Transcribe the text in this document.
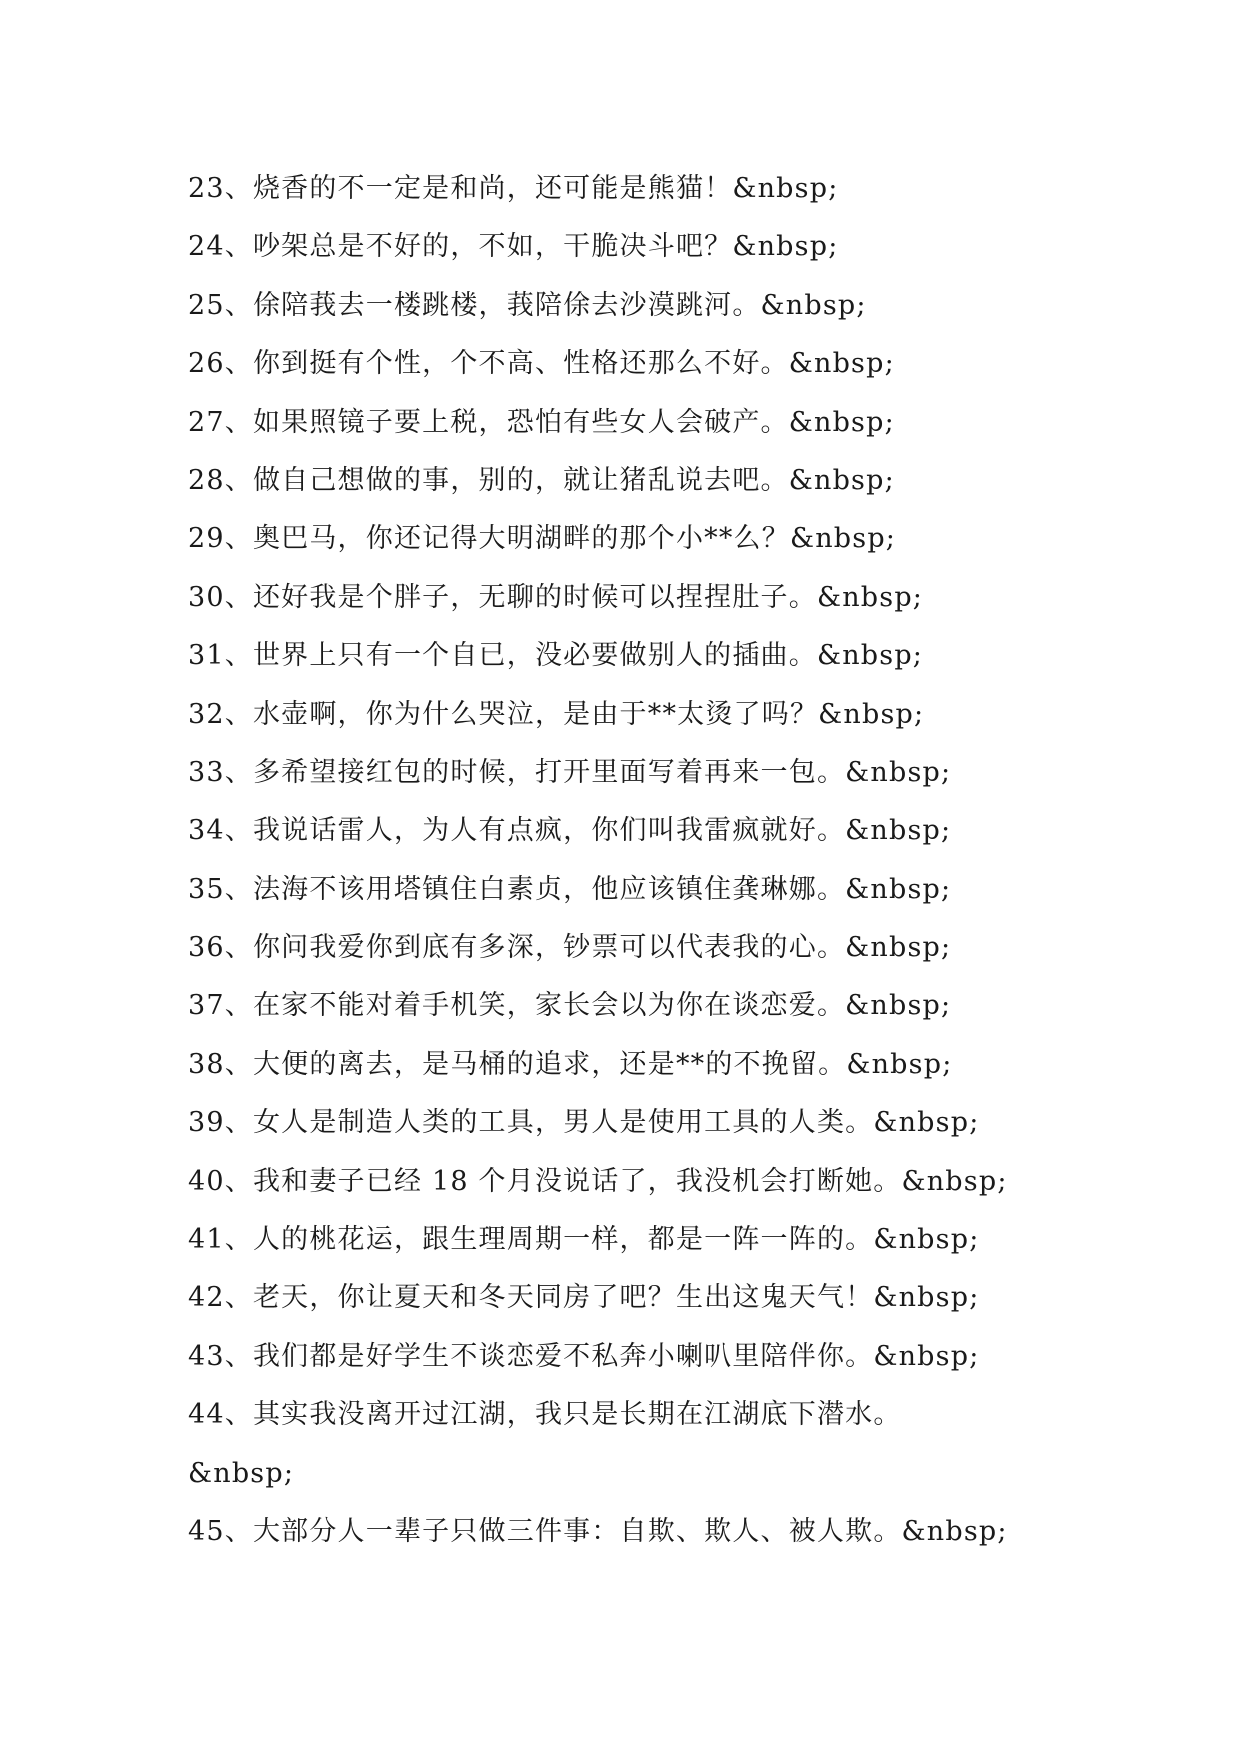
23、烧香的不一定是和尚，还可能是熊猫！&nbsp;
24、吵架总是不好的，不如，干脆决斗吧？&nbsp;
25、俆陪莪去一楼跳楼，莪陪俆去沙漠跳河。&nbsp;
26、你到挺有个性，个不高、性格还那么不好。&nbsp;
27、如果照镜子要上税，恐怕有些女人会破产。&nbsp;
28、做自己想做的事，别的，就让猪乱说去吧。&nbsp;
29、奥巴马，你还记得大明湖畔的那个小**么？&nbsp;
30、还好我是个胖子，无聊的时候可以捏捏肚子。&nbsp;
31、世界上只有一个自已，没必要做别人的插曲。&nbsp;
32、水壶啊，你为什么哭泣，是由于**太烫了吗？&nbsp;
33、多希望接红包的时候，打开里面写着再来一包。&nbsp;
34、我说话雷人，为人有点疯，你们叫我雷疯就好。&nbsp;
35、法海不该用塔镇住白素贞，他应该镇住龚琳娜。&nbsp;
36、你问我爱你到底有多深，钞票可以代表我的心。&nbsp;
37、在家不能对着手机笑，家长会以为你在谈恋爱。&nbsp;
38、大便的离去，是马桶的追求，还是**的不挽留。&nbsp;
39、女人是制造人类的工具，男人是使用工具的人类。&nbsp;
40、我和妻子已经 18 个月没说话了，我没机会打断她。&nbsp;
41、人的桃花运，跟生理周期一样，都是一阵一阵的。&nbsp;
42、老天，你让夏天和冬天同房了吧？生出这鬼天气！&nbsp;
43、我们都是好学生不谈恋爱不私奔小喇叭里陪伴你。&nbsp;
44、其实我没离开过江湖，我只是长期在江湖底下潜水。
&nbsp;
45、大部分人一辈子只做三件事：自欺、欺人、被人欺。&nbsp;
